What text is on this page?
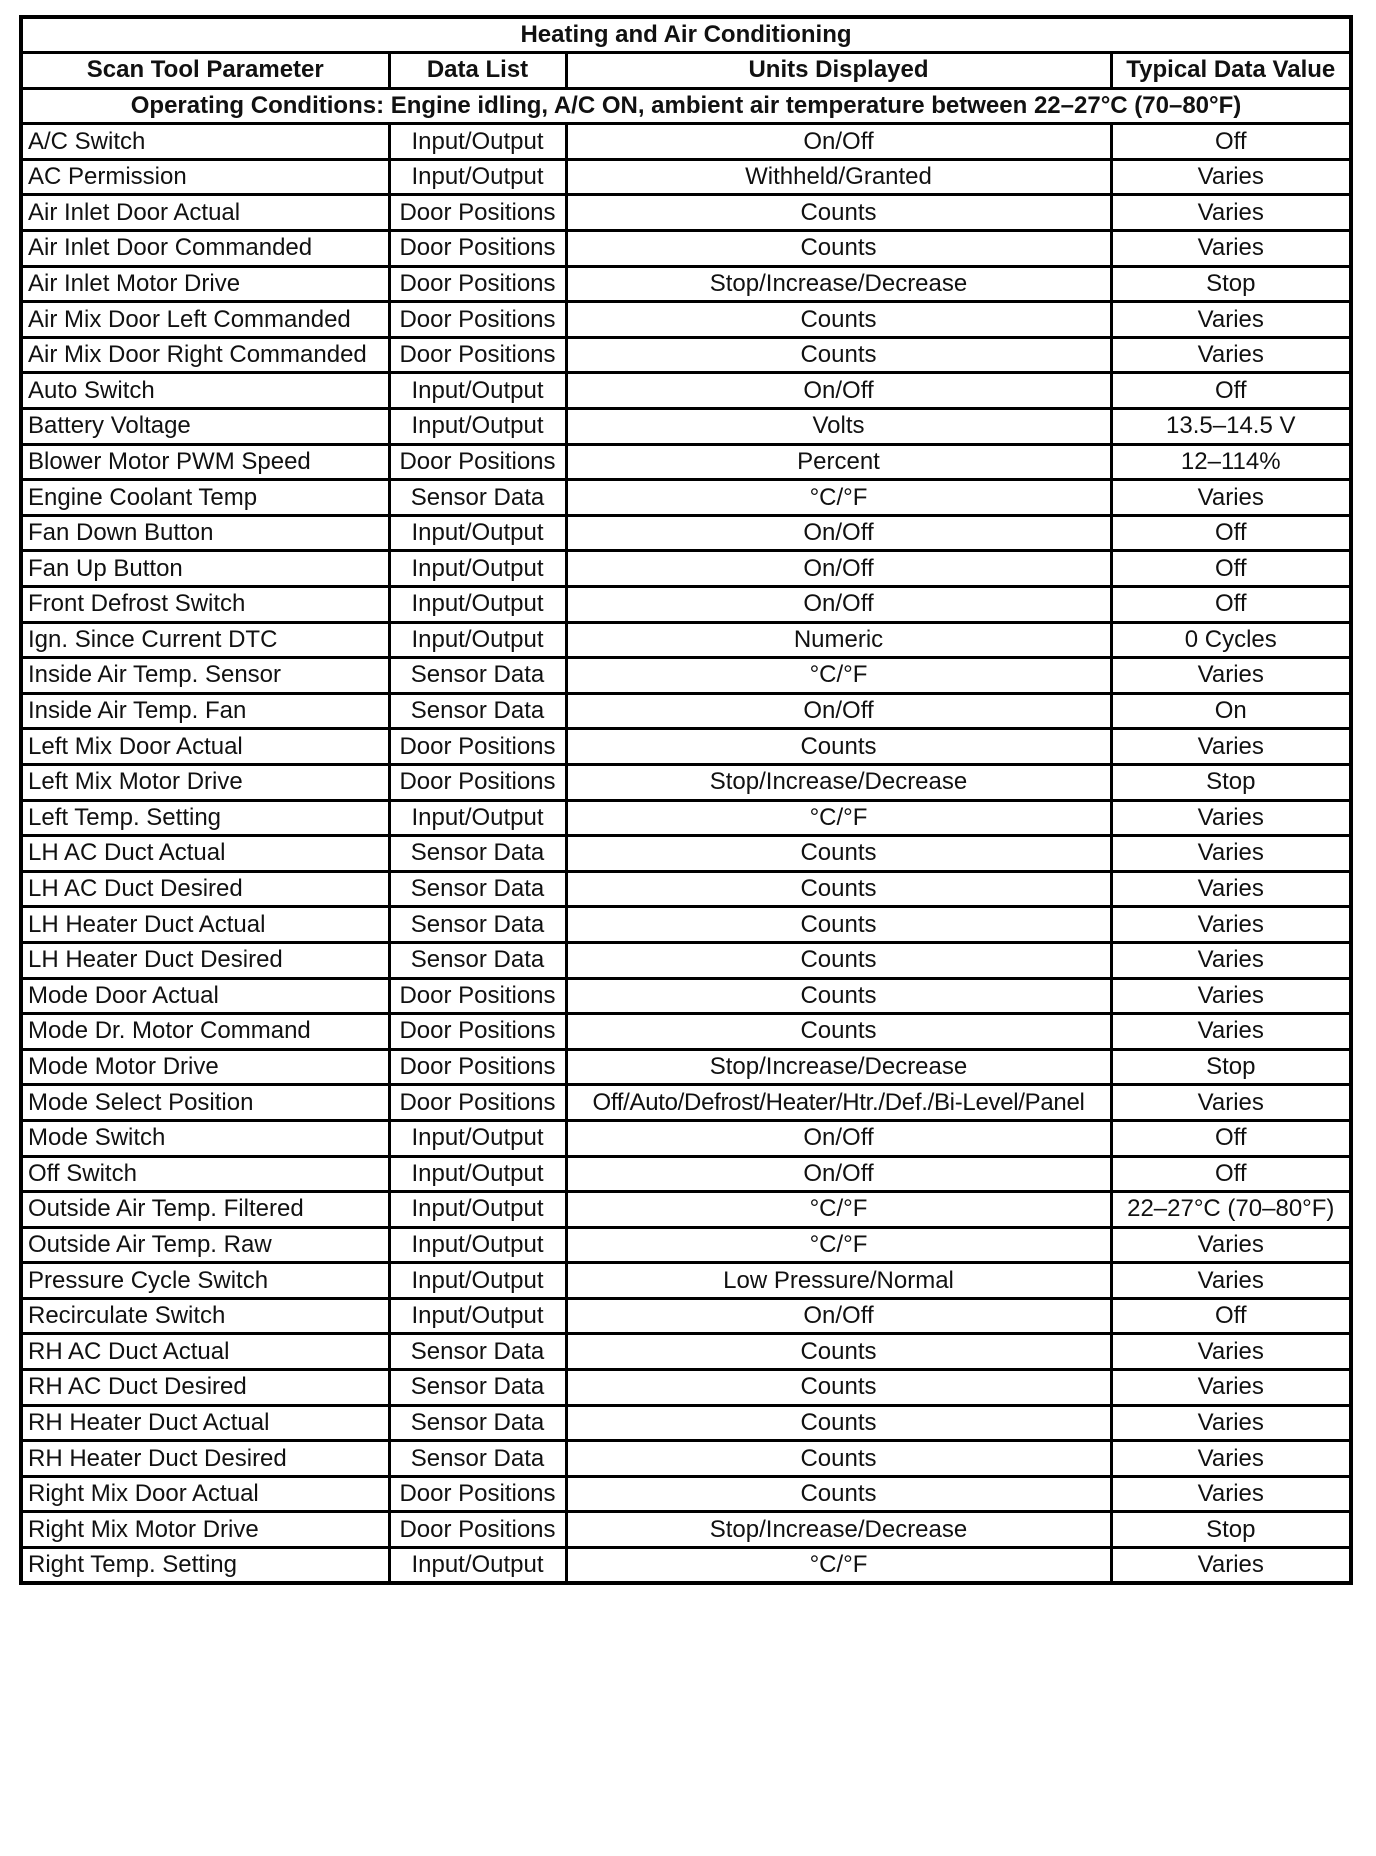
Heating and Air Conditioning			
Scan Tool Parameter	Data List	Units Displayed	Typical Data Value
Operating Conditions: Engine idling, A/C ON, ambient air temperature between 22–27°C (70–80°F)			
A/C Switch	Input/Output	On/Off	Off
AC Permission	Input/Output	Withheld/Granted	Varies
Air Inlet Door Actual	Door Positions	Counts	Varies
Air Inlet Door Commanded	Door Positions	Counts	Varies
Air Inlet Motor Drive	Door Positions	Stop/Increase/Decrease	Stop
Air Mix Door Left Commanded	Door Positions	Counts	Varies
Air Mix Door Right Commanded	Door Positions	Counts	Varies
Auto Switch	Input/Output	On/Off	Off
Battery Voltage	Input/Output	Volts	13.5–14.5 V
Blower Motor PWM Speed	Door Positions	Percent	12–114%
Engine Coolant Temp	Sensor Data	°C/°F	Varies
Fan Down Button	Input/Output	On/Off	Off
Fan Up Button	Input/Output	On/Off	Off
Front Defrost Switch	Input/Output	On/Off	Off
Ign. Since Current DTC	Input/Output	Numeric	0 Cycles
Inside Air Temp. Sensor	Sensor Data	°C/°F	Varies
Inside Air Temp. Fan	Sensor Data	On/Off	On
Left Mix Door Actual	Door Positions	Counts	Varies
Left Mix Motor Drive	Door Positions	Stop/Increase/Decrease	Stop
Left Temp. Setting	Input/Output	°C/°F	Varies
LH AC Duct Actual	Sensor Data	Counts	Varies
LH AC Duct Desired	Sensor Data	Counts	Varies
LH Heater Duct Actual	Sensor Data	Counts	Varies
LH Heater Duct Desired	Sensor Data	Counts	Varies
Mode Door Actual	Door Positions	Counts	Varies
Mode Dr. Motor Command	Door Positions	Counts	Varies
Mode Motor Drive	Door Positions	Stop/Increase/Decrease	Stop
Mode Select Position	Door Positions	Off/Auto/Defrost/Heater/Htr./Def./Bi-Level/Panel	Varies
Mode Switch	Input/Output	On/Off	Off
Off Switch	Input/Output	On/Off	Off
Outside Air Temp. Filtered	Input/Output	°C/°F	22–27°C (70–80°F)
Outside Air Temp. Raw	Input/Output	°C/°F	Varies
Pressure Cycle Switch	Input/Output	Low Pressure/Normal	Varies
Recirculate Switch	Input/Output	On/Off	Off
RH AC Duct Actual	Sensor Data	Counts	Varies
RH AC Duct Desired	Sensor Data	Counts	Varies
RH Heater Duct Actual	Sensor Data	Counts	Varies
RH Heater Duct Desired	Sensor Data	Counts	Varies
Right Mix Door Actual	Door Positions	Counts	Varies
Right Mix Motor Drive	Door Positions	Stop/Increase/Decrease	Stop
Right Temp. Setting	Input/Output	°C/°F	Varies
